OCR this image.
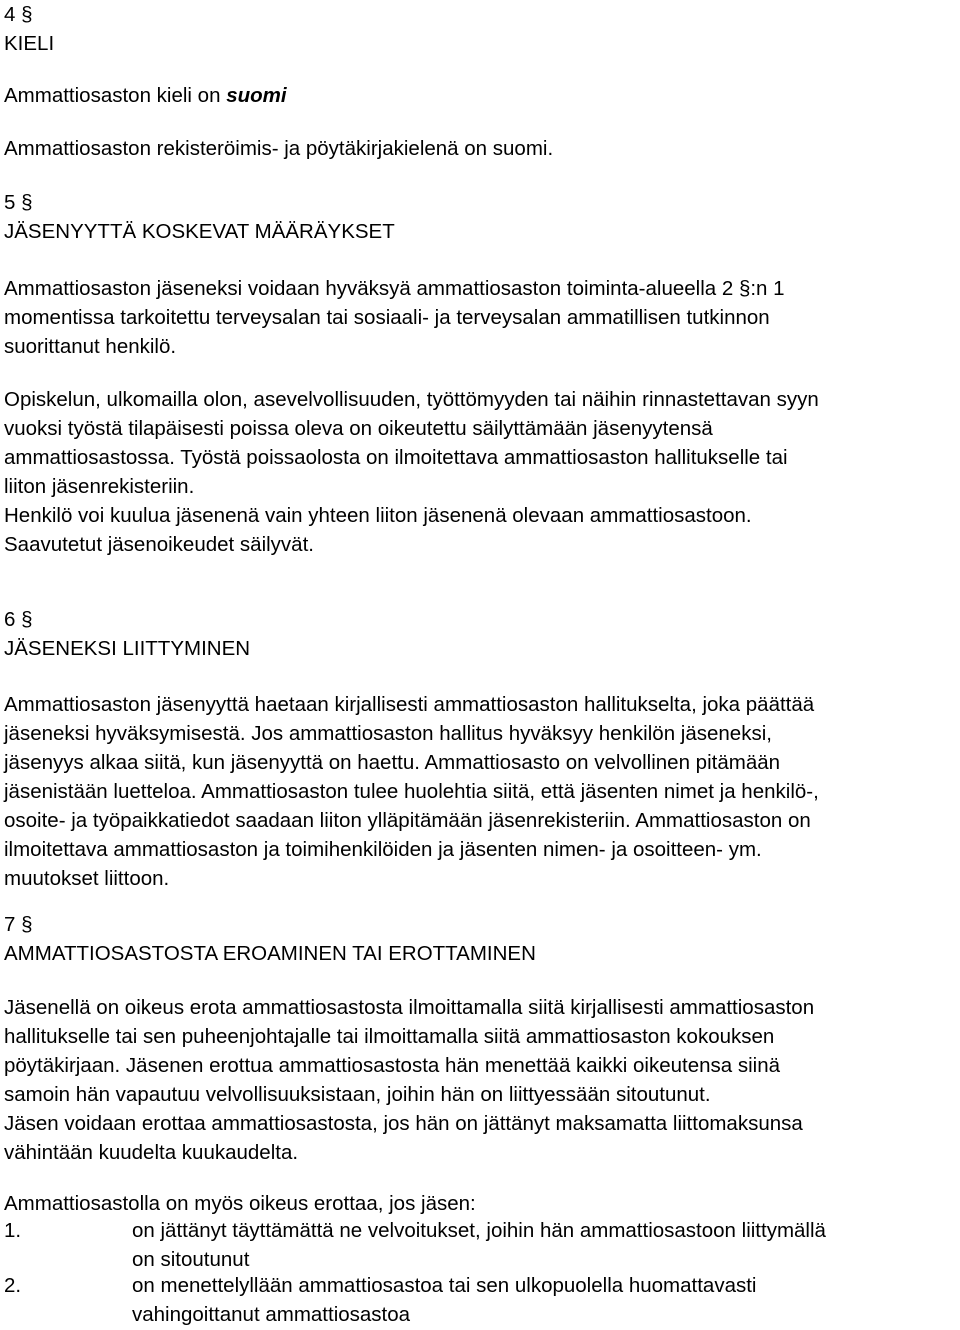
4 §
KIELI
Ammattiosaston kieli on suomi
Ammattiosaston rekisteröimis- ja pöytäkirjakielenä on suomi.
5 §
JÄSENYYTTÄ KOSKEVAT MÄÄRÄYKSET
Ammattiosaston jäseneksi voidaan hyväksyä ammattiosaston toiminta-alueella 2 §:n 1
momentissa tarkoitettu terveysalan tai sosiaali- ja terveysalan ammatillisen tutkinnon
suorittanut henkilö.
Opiskelun, ulkomailla olon, asevelvollisuuden, työttömyyden tai näihin rinnastettavan syyn
vuoksi työstä tilapäisesti poissa oleva on oikeutettu säilyttämään jäsenyytensä
ammattiosastossa. Työstä poissaolosta on ilmoitettava ammattiosaston hallitukselle tai
liiton jäsenrekisteriin.
Henkilö voi kuulua jäsenenä vain yhteen liiton jäsenenä olevaan ammattiosastoon.
Saavutetut jäsenoikeudet säilyvät.
6 §
JÄSENEKSI LIITTYMINEN
Ammattiosaston jäsenyyttä haetaan kirjallisesti ammattiosaston hallitukselta, joka päättää
jäseneksi hyväksymisestä. Jos ammattiosaston hallitus hyväksyy henkilön jäseneksi,
jäsenyys alkaa siitä, kun jäsenyyttä on haettu. Ammattiosasto on velvollinen pitämään
jäsenistään luetteloa. Ammattiosaston tulee huolehtia siitä, että jäsenten nimet ja henkilö-,
osoite- ja työpaikkatiedot saadaan liiton ylläpitämään jäsenrekisteriin. Ammattiosaston on
ilmoitettava ammattiosaston ja toimihenkilöiden ja jäsenten nimen- ja osoitteen- ym.
muutokset liittoon.
7 §
AMMATTIOSASTOSTA EROAMINEN TAI EROTTAMINEN
Jäsenellä on oikeus erota ammattiosastosta ilmoittamalla siitä kirjallisesti ammattiosaston
hallitukselle tai sen puheenjohtajalle tai ilmoittamalla siitä ammattiosaston kokouksen
pöytäkirjaan. Jäsenen erottua ammattiosastosta hän menettää kaikki oikeutensa siinä
samoin hän vapautuu velvollisuuksistaan, joihin hän on liittyessään sitoutunut.
Jäsen voidaan erottaa ammattiosastosta, jos hän on jättänyt maksamatta liittomaksunsa
vähintään kuudelta kuukaudelta.
Ammattiosastolla on myös oikeus erottaa, jos jäsen:
1.	on jättänyt täyttämättä ne velvoitukset, joihin hän ammattiosastoon liittymällä
on sitoutunut
2.	on menettelyllään ammattiosastoa tai sen ulkopuolella huomattavasti
vahingoittanut ammattiosastoa
